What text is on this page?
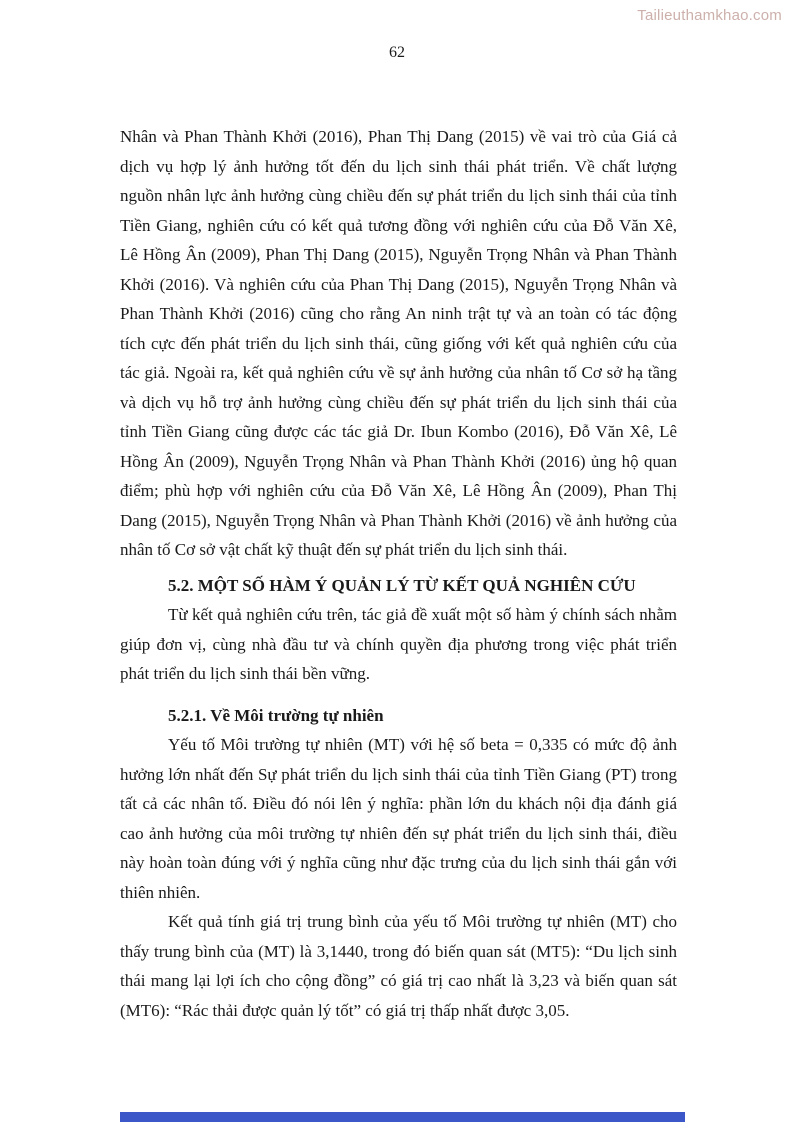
Tailieuthamkhao.com
62

Nhân và Phan Thành Khởi (2016), Phan Thị Dang (2015) về vai trò của Giá cả dịch vụ hợp lý ảnh hưởng tốt đến du lịch sinh thái phát triển. Về chất lượng nguồn nhân lực ảnh hưởng cùng chiều đến sự phát triển du lịch sinh thái của tỉnh Tiền Giang, nghiên cứu có kết quả tương đồng với nghiên cứu của Đỗ Văn Xê, Lê Hồng Ân (2009), Phan Thị Dang (2015), Nguyễn Trọng Nhân và Phan Thành Khởi (2016). Và nghiên cứu của Phan Thị Dang (2015), Nguyễn Trọng Nhân và Phan Thành Khởi (2016) cũng cho rằng An ninh trật tự và an toàn có tác động tích cực đến phát triển du lịch sinh thái, cũng giống với kết quả nghiên cứu của tác giả. Ngoài ra, kết quả nghiên cứu về sự ảnh hưởng của nhân tố Cơ sở hạ tầng và dịch vụ hỗ trợ ảnh hưởng cùng chiều đến sự phát triển du lịch sinh thái của tỉnh Tiền Giang cũng được các tác giả Dr. Ibun Kombo (2016), Đỗ Văn Xê, Lê Hồng Ân (2009), Nguyễn Trọng Nhân và Phan Thành Khởi (2016) ủng hộ quan điểm; phù hợp với nghiên cứu của Đỗ Văn Xê, Lê Hồng Ân (2009), Phan Thị Dang (2015), Nguyễn Trọng Nhân và Phan Thành Khởi (2016) về ảnh hưởng của nhân tố Cơ sở vật chất kỹ thuật đến sự phát triển du lịch sinh thái.

5.2. MỘT SỐ HÀM Ý QUẢN LÝ TỪ KẾT QUẢ NGHIÊN CỨU

Từ kết quả nghiên cứu trên, tác giả đề xuất một số hàm ý chính sách nhằm giúp đơn vị, cùng nhà đầu tư và chính quyền địa phương trong việc phát triển phát triển du lịch sinh thái bền vững.

5.2.1. Về Môi trường tự nhiên

Yếu tố Môi trường tự nhiên (MT) với hệ số beta = 0,335 có mức độ ảnh hưởng lớn nhất đến Sự phát triển du lịch sinh thái của tỉnh Tiền Giang (PT) trong tất cả các nhân tố. Điều đó nói lên ý nghĩa: phần lớn du khách nội địa đánh giá cao ảnh hưởng của môi trường tự nhiên đến sự phát triển du lịch sinh thái, điều này hoàn toàn đúng với ý nghĩa cũng như đặc trưng của du lịch sinh thái gắn với thiên nhiên.

Kết quả tính giá trị trung bình của yếu tố Môi trường tự nhiên (MT) cho thấy trung bình của (MT) là 3,1440, trong đó biến quan sát (MT5): “Du lịch sinh thái mang lại lợi ích cho cộng đồng” có giá trị cao nhất là 3,23 và biến quan sát (MT6): “Rác thải được quản lý tốt” có giá trị thấp nhất được 3,05.
